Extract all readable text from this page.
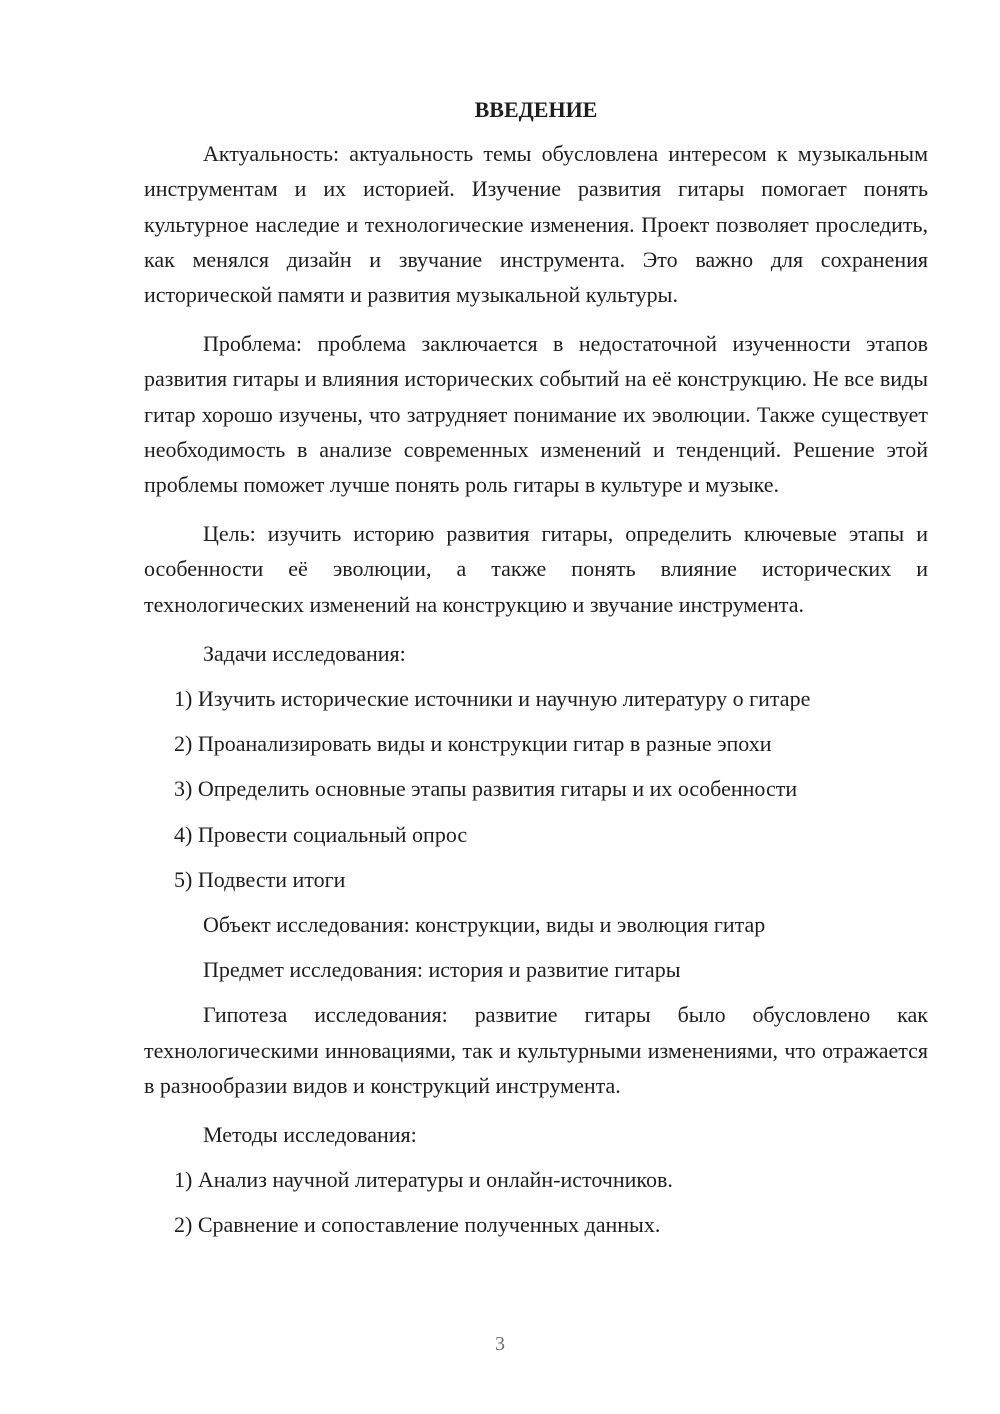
ВВЕДЕНИЕ

Актуальность: актуальность темы обусловлена интересом к музыкальным инструментам и их историей. Изучение развития гитары помогает понять культурное наследие и технологические изменения. Проект позволяет проследить, как менялся дизайн и звучание инструмента. Это важно для сохранения исторической памяти и развития музыкальной культуры.

Проблема: проблема заключается в недостаточной изученности этапов развития гитары и влияния исторических событий на её конструкцию. Не все виды гитар хорошо изучены, что затрудняет понимание их эволюции. Также существует необходимость в анализе современных изменений и тенденций. Решение этой проблемы поможет лучше понять роль гитары в культуре и музыке.

Цель: изучить историю развития гитары, определить ключевые этапы и особенности её эволюции, а также понять влияние исторических и технологических изменений на конструкцию и звучание инструмента.

Задачи исследования:
1) Изучить исторические источники и научную литературу о гитаре
2) Проанализировать виды и конструкции гитар в разные эпохи
3) Определить основные этапы развития гитары и их особенности
4) Провести социальный опрос
5) Подвести итоги
Объект исследования: конструкции, виды и эволюция гитар
Предмет исследования: история и развитие гитары

Гипотеза исследования: развитие гитары было обусловлено как технологическими инновациями, так и культурными изменениями, что отражается в разнообразии видов и конструкций инструмента.

Методы исследования:
1) Анализ научной литературы и онлайн-источников.
2) Сравнение и сопоставление полученных данных.
3
